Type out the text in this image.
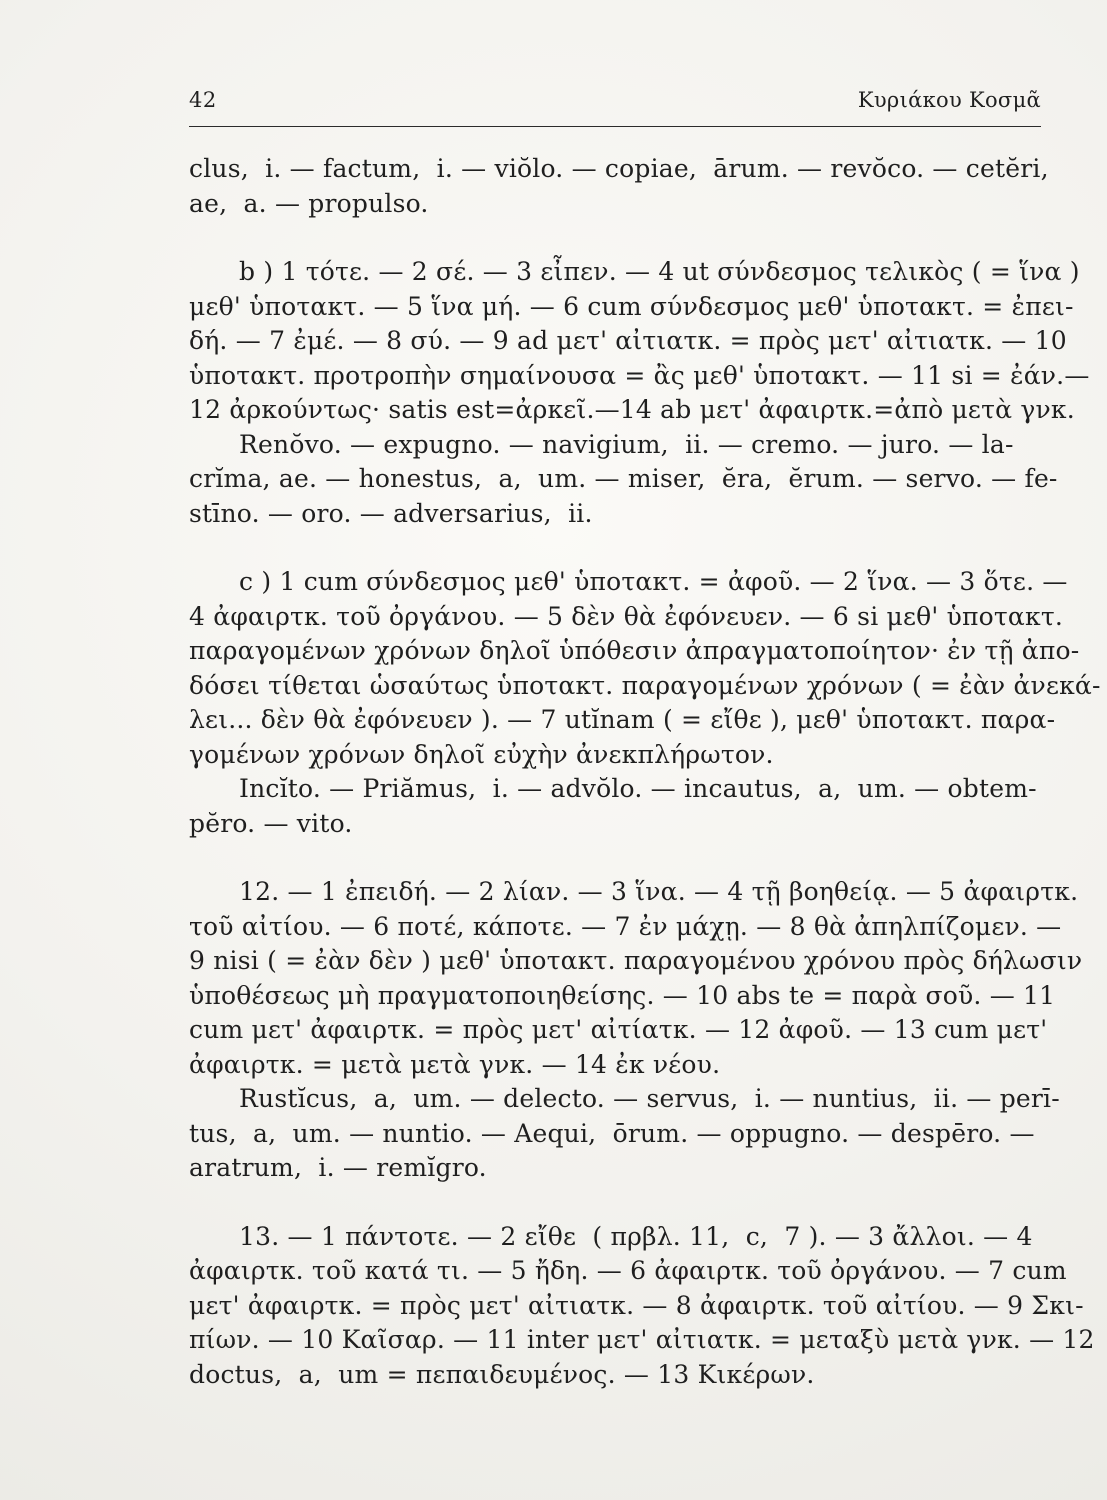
42	Κυριάκου Κοσμᾶ
clus,  i. — factum,  i. — viŏlo. — copiae,  ārum. — revŏco. — cetĕri,
ae,  a. — propulso.
b ) 1 τότε. — 2 σέ. — 3 εἶπεν. — 4 ut σύνδεσμος τελικὸς ( = ἵνα )
μεθ' ὑποτακτ. — 5 ἵνα μή. — 6 cum σύνδεσμος μεθ' ὑποτακτ. = ἐπει-
δή. — 7 ἐμέ. — 8 σύ. — 9 ad μετ' αἰτιατκ. = πρὸς μετ' αἰτιατκ. — 10
ὑποτακτ. προτροπὴν σημαίνουσα = ἂς μεθ' ὑποτακτ. — 11 si = ἐάν.—
12 ἀρκούντως· satis est=ἀρκεῖ.—14 ab μετ' ἀφαιρτκ.=ἀπὸ μετὰ γνκ.
Renŏvo. — expugno. — navigium,  ii. — cremo. — juro. — la-
crĭma, ae. — honestus,  a,  um. — miser,  ĕra,  ĕrum. — servo. — fe-
stīno. — oro. — adversarius,  ii.
c ) 1 cum σύνδεσμος μεθ' ὑποτακτ. = ἀφοῦ. — 2 ἵνα. — 3 ὅτε. —
4 ἀφαιρτκ. τοῦ ὀργάνου. — 5 δὲν θὰ ἐφόνευεν. — 6 si μεθ' ὑποτακτ.
παραγομένων χρόνων δηλοῖ ὑπόθεσιν ἀπραγματοποίητον· ἐν τῇ ἀπο-
δόσει τίθεται ὡσαύτως ὑποτακτ. παραγομένων χρόνων ( = ἐὰν ἀνεκά-
λει... δὲν θὰ ἐφόνευεν ). — 7 utĭnam ( = εἴθε ), μεθ' ὑποτακτ. παρα-
γομένων χρόνων δηλοῖ εὐχὴν ἀνεκπλήρωτον.
Incĭto. — Priămus,  i. — advŏlo. — incautus,  a,  um. — obtem-
pĕro. — vito.
12. — 1 ἐπειδή. — 2 λίαν. — 3 ἵνα. — 4 τῇ βοηθείᾳ. — 5 ἀφαιρτκ.
τοῦ αἰτίου. — 6 ποτέ, κάποτε. — 7 ἐν μάχῃ. — 8 θὰ ἀπηλπίζομεν. —
9 nisi ( = ἐὰν δὲν ) μεθ' ὑποτακτ. παραγομένου χρόνου πρὸς δήλωσιν
ὑποθέσεως μὴ πραγματοποιηθείσης. — 10 abs te = παρὰ σοῦ. — 11
cum μετ' ἀφαιρτκ. = πρὸς μετ' αἰτίατκ. — 12 ἀφοῦ. — 13 cum μετ'
ἀφαιρτκ. = μετὰ μετὰ γνκ. — 14 ἐκ νέου.
Rustĭcus,  a,  um. — delecto. — servus,  i. — nuntius,  ii. — perī-
tus,  a,  um. — nuntio. — Aequi,  ōrum. — oppugno. — despēro. —
aratrum,  i. — remĭgro.
13. — 1 πάντοτε. — 2 εἴθε  ( πρβλ. 11,  c,  7 ). — 3 ἄλλοι. — 4
ἀφαιρτκ. τοῦ κατά τι. — 5 ἤδη. — 6 ἀφαιρτκ. τοῦ ὀργάνου. — 7 cum
μετ' ἀφαιρτκ. = πρὸς μετ' αἰτιατκ. — 8 ἀφαιρτκ. τοῦ αἰτίου. — 9 Σκι-
πίων. — 10 Καῖσαρ. — 11 inter μετ' αἰτιατκ. = μεταξὺ μετὰ γνκ. — 12
doctus,  a,  um = πεπαιδευμένος. — 13 Κικέρων.
